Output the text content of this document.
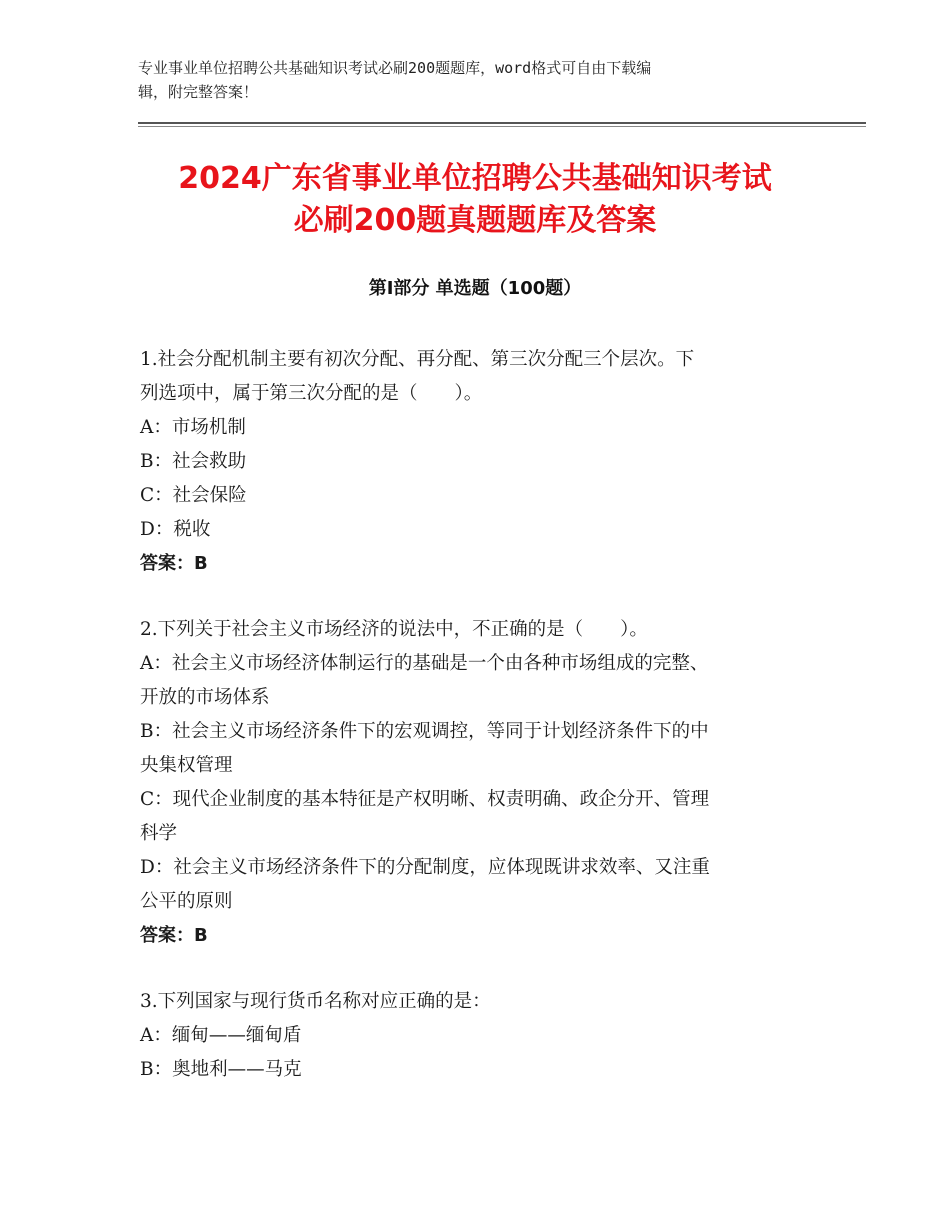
专业事业单位招聘公共基础知识考试必刷200题题库，word格式可自由下载编
辑，附完整答案！
2024广东省事业单位招聘公共基础知识考试
必刷200题真题题库及答案
第Ⅰ部分 单选题（100题）

1.社会分配机制主要有初次分配、再分配、第三次分配三个层次。下

列选项中，属于第三次分配的是（　　）。

A：市场机制

B：社会救助

C：社会保险

D：税收

答案：B

2.下列关于社会主义市场经济的说法中，不正确的是（　　）。

A：社会主义市场经济体制运行的基础是一个由各种市场组成的完整、

开放的市场体系

B：社会主义市场经济条件下的宏观调控，等同于计划经济条件下的中

央集权管理

C：现代企业制度的基本特征是产权明晰、权责明确、政企分开、管理

科学

D：社会主义市场经济条件下的分配制度，应体现既讲求效率、又注重

公平的原则

答案：B

3.下列国家与现行货币名称对应正确的是：

A：缅甸——缅甸盾

B：奥地利——马克
